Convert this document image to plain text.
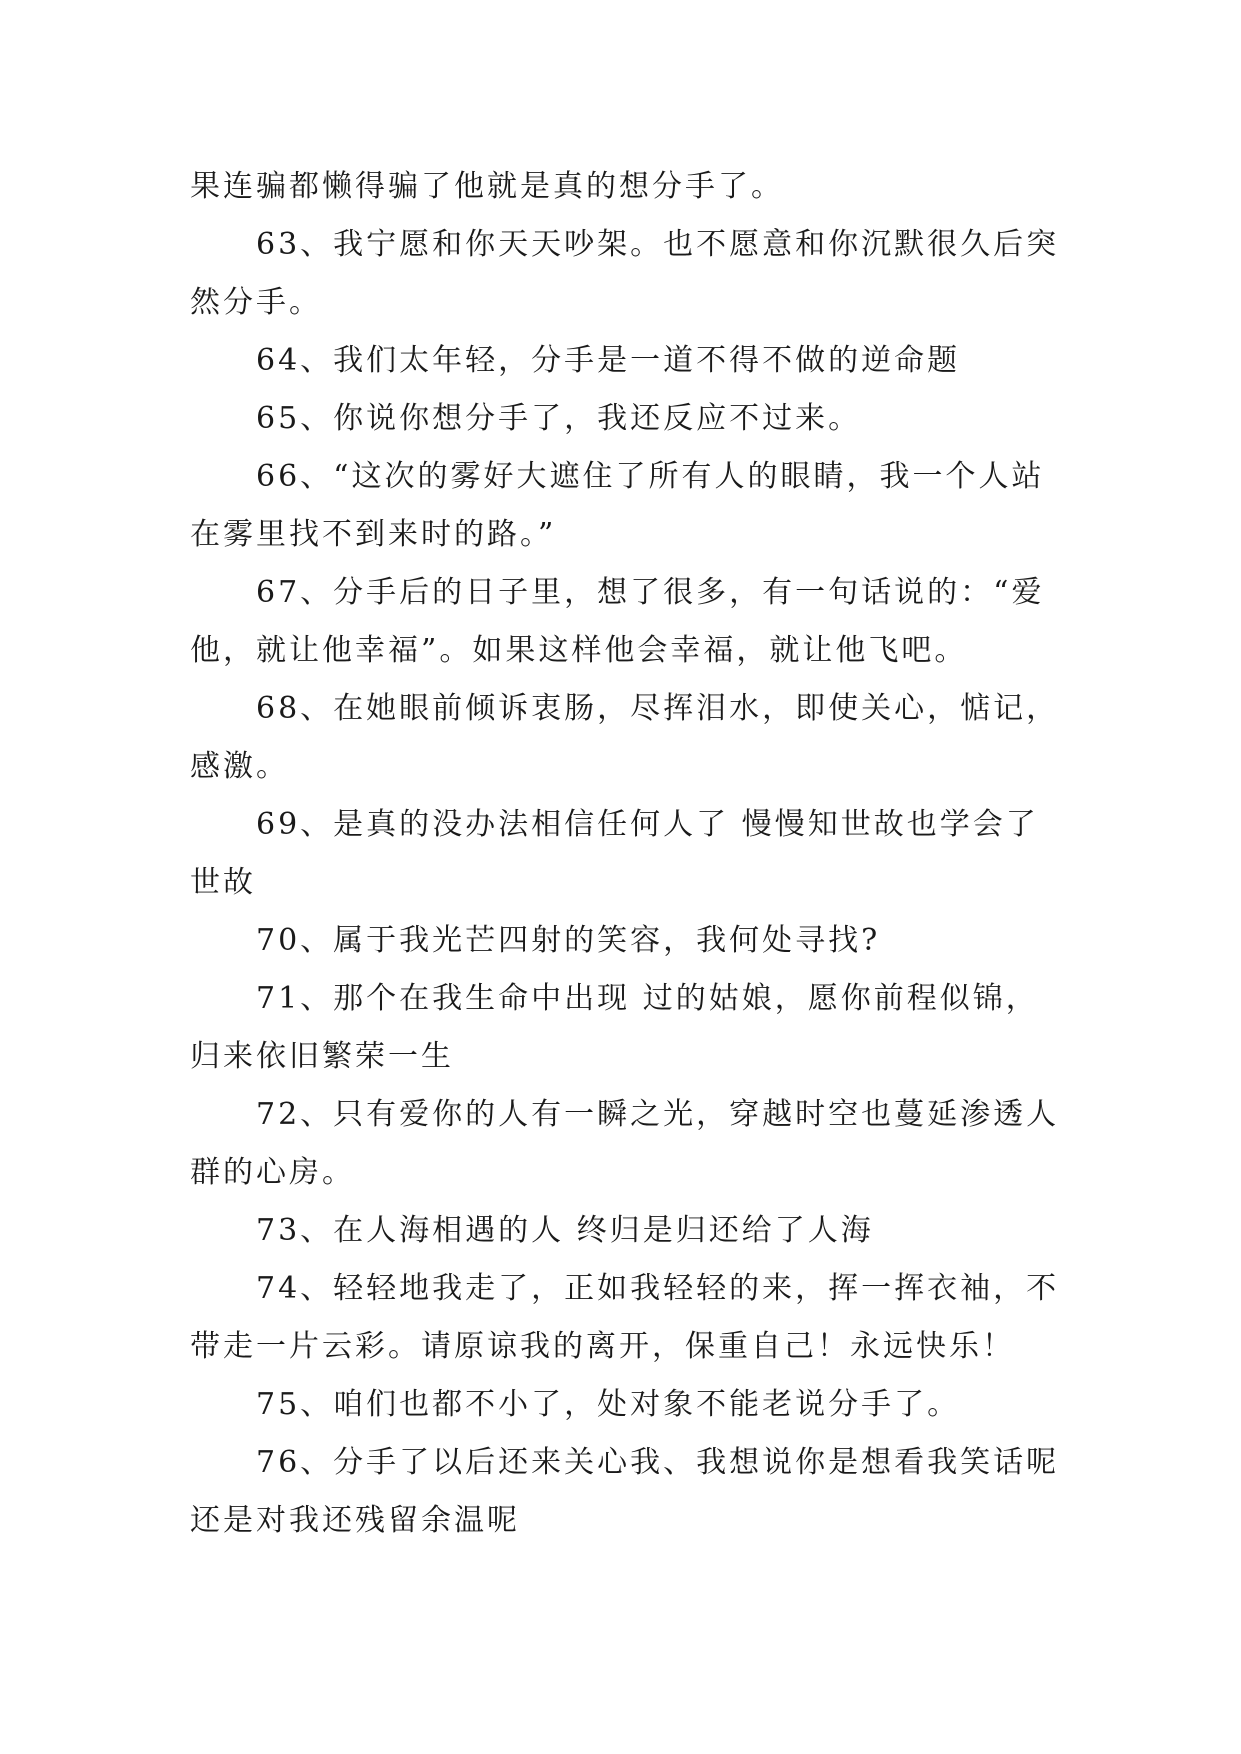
果连骗都懒得骗了他就是真的想分手了。

63、我宁愿和你天天吵架。也不愿意和你沉默很久后突然分手。

64、我们太年轻，分手是一道不得不做的逆命题

65、你说你想分手了，我还反应不过来。

66、“这次的雾好大遮住了所有人的眼睛，我一个人站在雾里找不到来时的路。”

67、分手后的日子里，想了很多，有一句话说的：“爱他，就让他幸福”。如果这样他会幸福，就让他飞吧。

68、在她眼前倾诉衷肠，尽挥泪水，即使关心，惦记，感激。

69、是真的没办法相信任何人了 慢慢知世故也学会了世故

70、属于我光芒四射的笑容，我何处寻找?

71、那个在我生命中出现 过的姑娘，愿你前程似锦，归来依旧繁荣一生

72、只有爱你的人有一瞬之光，穿越时空也蔓延渗透人群的心房。

73、在人海相遇的人 终归是归还给了人海

74、轻轻地我走了，正如我轻轻的来，挥一挥衣袖，不带走一片云彩。请原谅我的离开，保重自己！永远快乐！

75、咱们也都不小了，处对象不能老说分手了。

76、分手了以后还来关心我、我想说你是想看我笑话呢还是对我还残留余温呢
